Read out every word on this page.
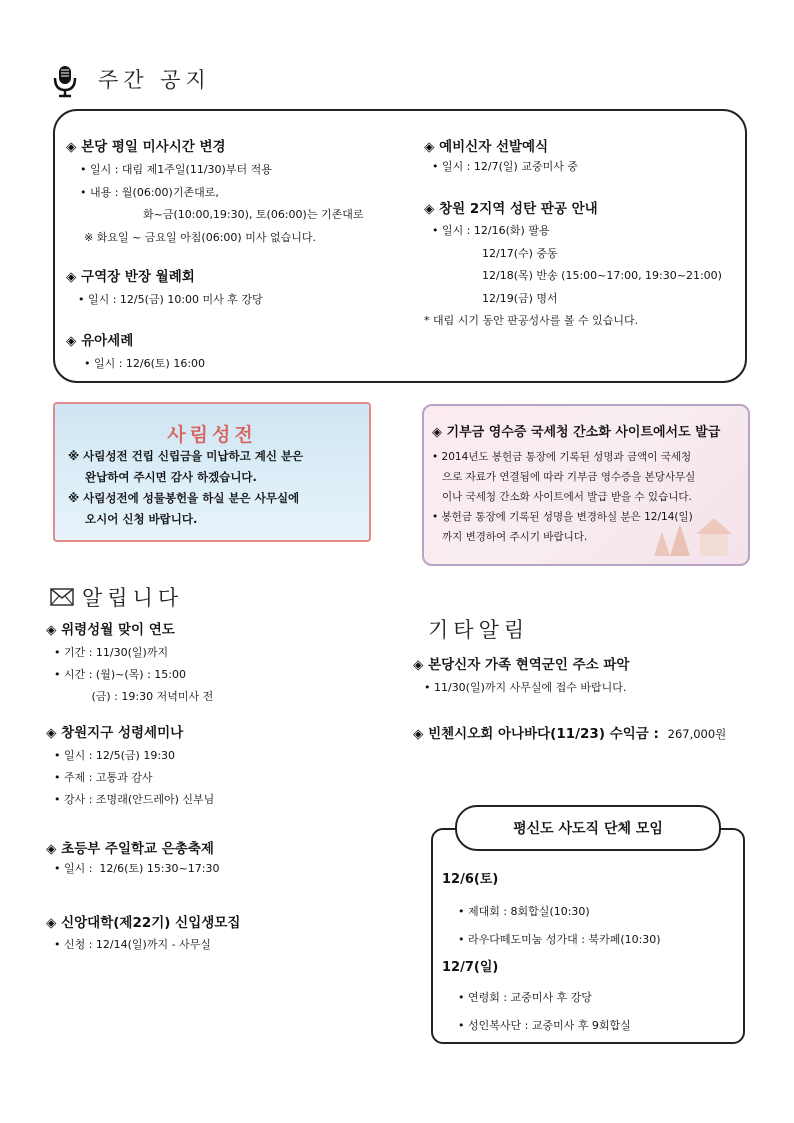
주간 공지
◈ 본당 평일 미사시간 변경
• 일시 : 대림 제1주일(11/30)부터 적용
• 내용 : 월(06:00)기존대로,
화~금(10:00,19:30), 토(06:00)는 기존대로
※ 화요일 ~ 금요일 아침(06:00) 미사 없습니다.
◈ 구역장 반장 월례회
• 일시 : 12/5(금) 10:00 미사 후 강당
◈ 유아세례
• 일시 : 12/6(토) 16:00
◈ 예비신자 선발예식
• 일시 : 12/7(일) 교중미사 중
◈ 창원 2지역 성탄 판공 안내
• 일시 : 12/16(화) 팔용
12/17(수) 중동
12/18(목) 반송 (15:00~17:00, 19:30~21:00)
12/19(금) 명서
* 대림 시기 동안 판공성사를 볼 수 있습니다.
사림성전
※ 사림성전 건립 신립금을 미납하고 계신 분은
완납하여 주시면 감사 하겠습니다.
※ 사림성전에 성물봉헌을 하실 분은 사무실에
오시어 신청 바랍니다.
◈ 기부금 영수증 국세청 간소화 사이트에서도 발급
• 2014년도 봉헌금 통장에 기록된 성명과 금액이 국세청
으로 자료가 연결됨에 따라 기부금 영수증을 본당사무실
이나 국세청 간소화 사이트에서 발급 받을 수 있습니다.
• 봉헌금 통장에 기록된 성명을 변경하실 분은 12/14(일)
까지 변경하여 주시기 바랍니다.
알립니다
◈ 위령성월 맞이 연도
• 기간 : 11/30(일)까지
• 시간 : (월)~(목) : 15:00
(금) : 19:30 저녁미사 전
◈ 창원지구 성령세미나
• 일시 : 12/5(금) 19:30
• 주제 : 고통과 감사
• 강사 : 조명래(안드레아) 신부님
◈ 초등부 주일학교 은총축제
• 일시 :  12/6(토) 15:30~17:30
◈ 신앙대학(제22기) 신입생모집
• 신청 : 12/14(일)까지 - 사무실
기타알림
◈ 본당신자 가족 현역군인 주소 파악
• 11/30(일)까지 사무실에 접수 바랍니다.
◈ 빈첸시오회 아나바다(11/23) 수익금 : 267,000원
평신도 사도직 단체 모임
12/6(토)
• 제대회 : 8회합실(10:30)
• 라우다떼도미눔 성가대 : 북카페(10:30)
12/7(일)
• 연령회 : 교중미사 후 강당
• 성인복사단 : 교중미사 후 9회합실
